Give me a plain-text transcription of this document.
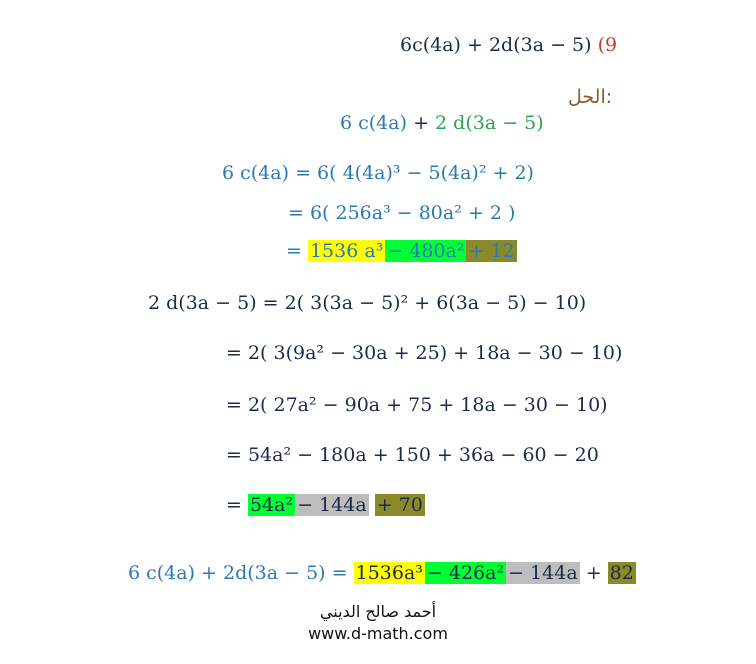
6c(4a) + 2d(3a − 5) (9
الحل:
6 c(4a) + 2 d(3a − 5)
6 c(4a) = 6( 4(4a)³ − 5(4a)² + 2)
= 6( 256a³ − 80a² + 2 )
= 1536 a³ − 480a² + 12
2 d(3a − 5) = 2( 3(3a − 5)² + 6(3a − 5) − 10)
= 2( 3(9a² − 30a + 25) + 18a − 30 − 10)
= 2( 27a² − 90a + 75 + 18a − 30 − 10)
= 54a² − 180a + 150 + 36a − 60 − 20
= 54a² − 144a + 70
6 c(4a) + 2d(3a − 5) = 1536a³ − 426a² − 144a + 82
أحمد صالح الديني
www.d-math.com
